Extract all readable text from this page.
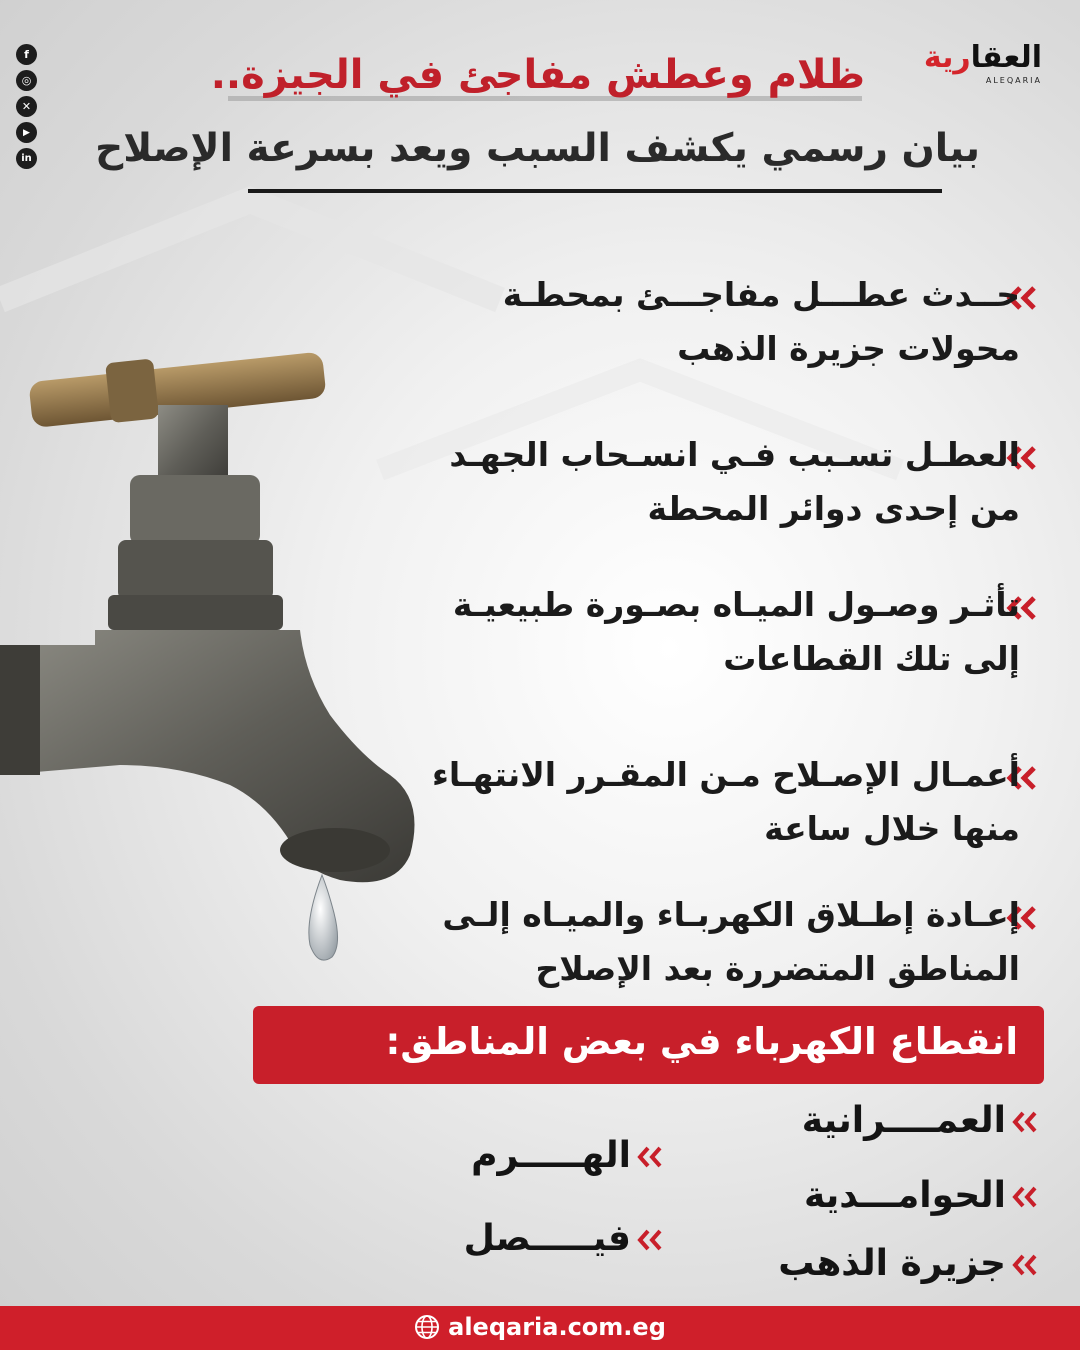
f
◎
✕
▶
in
العقارية
ALEQARIA
ظلام وعطش مفاجئ في الجيزة..
بيان رسمي يكشف السبب ويعد بسرعة الإصلاح
حــدث عطـــل مفاجـــئ بمحطـة
محولات جزيرة الذهب
العطـل تسـبب فـي انسـحاب الجهـد
من إحدى دوائر المحطة
تأثـر وصـول الميـاه بصـورة طبيعيـة
إلى تلك القطاعات
أعمـال الإصـلاح مـن المقـرر الانتهـاء
منها خلال ساعة
إعـادة إطـلاق الكهربـاء والميـاه إلـى
المناطق المتضررة بعد الإصلاح
انقطاع الكهرباء في بعض المناطق:
العمــــرانية
الحوامـــدية
جزيرة الذهب
الهـــــرم
فيـــــصل
aleqaria.com.eg
